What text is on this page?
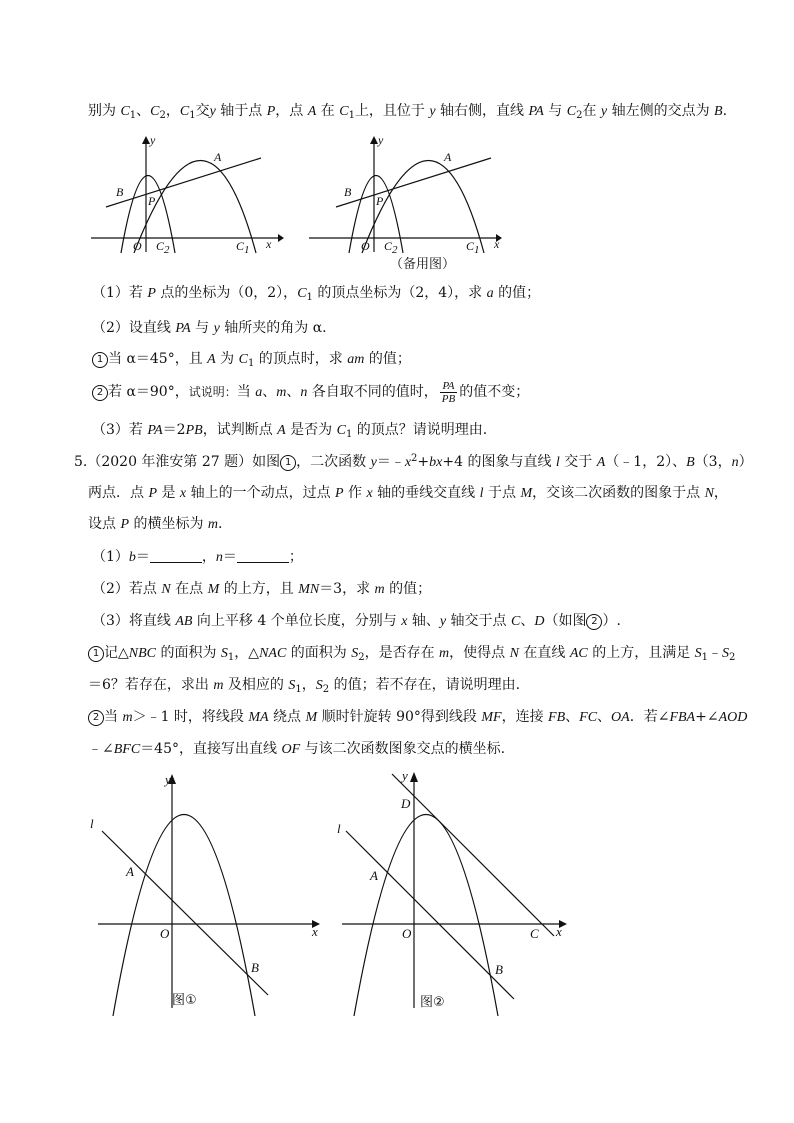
别为 $C_1$、$C_2$，$C_1$交y 轴于点 P，点 A 在 $C_1$上，且位于 y 轴右侧，直线 PA 与 $C_2$在 y 轴左侧的交点为 B.
y
A
B
P
O C2	C1 x
y
A
B
P
O C2	C1 x
（备用图）
（1）若 P 点的坐标为（0，2），$C_1$ 的顶点坐标为（2，4），求 a 的值；
（2）设直线 PA 与 y 轴所夹的角为 α.
1 当 α＝45°，且 A 为 $C_1$ 的顶点时，求 am 的值；
2 若 α＝90°，试说明：当 a、m、n 各自取不同的值时， $\frac{PA}{PB}$ 的值不变；
（3）若 PA＝2PB，试判断点 A 是否为 $C_1$ 的顶点？请说明理由.
5.（2020 年淮安第 27 题）如图 1 ，二次函数 $y=﹣x^2+bx+4$ 的图象与直线 l 交于 A（﹣1，2）、B（3，n）
两点．点 P 是 x 轴上的一个动点，过点 P 作 x 轴的垂线交直线 l 于点 M，交该二次函数的图象于点 N，
设点 P 的横坐标为 m.
（1）b＝	，n＝	；
（2）若点 N 在点 M 的上方，且 MN＝3，求 m 的值；
（3）将直线 AB 向上平移 4 个单位长度，分别与 x 轴、y 轴交于点 C、D（如图 2 ）.
1 记△NBC 的面积为 $S_1$，△NAC 的面积为 $S_2$，是否存在 m，使得点 N 在直线 AC 的上方，且满足 $S_1﹣S_2$
＝6？若存在，求出 m 及相应的 $S_1$，$S_2$ 的值；若不存在，请说明理由.
2 当 m＞﹣1 时，将线段 MA 绕点 M 顺时针旋转 90°得到线段 MF，连接 FB、FC、OA．若∠FBA+∠AOD
﹣∠BFC＝45°，直接写出直线 OF 与该二次函数图象交点的横坐标.
y
l
A
O	x
B
图①
y
D
l
A
O	C x
B
图②
